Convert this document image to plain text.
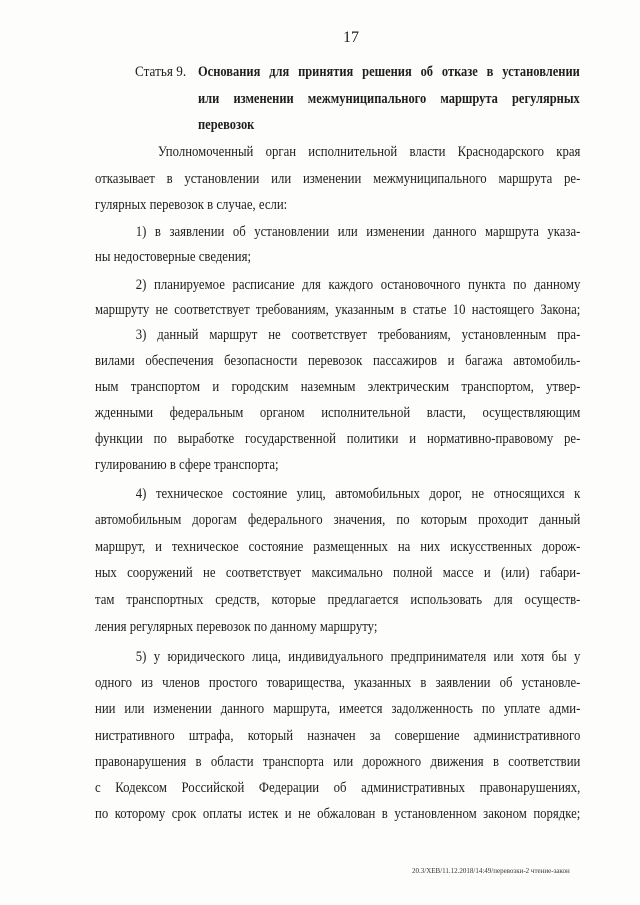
17
Статья 9. Основания для принятия решения об отказе в установлении
или изменении межмуниципального маршрута регулярных
перевозок
Уполномоченный орган исполнительной власти Краснодарского края
отказывает в установлении или изменении межмуниципального маршрута ре-
гулярных перевозок в случае, если:
1) в заявлении об установлении или изменении данного маршрута указа-
ны недостоверные сведения;
2) планируемое расписание для каждого остановочного пункта по данному
маршруту не соответствует требованиям, указанным в статье 10 настоящего Закона;
3) данный маршрут не соответствует требованиям, установленным пра-
вилами обеспечения безопасности перевозок пассажиров и багажа автомобиль-
ным транспортом и городским наземным электрическим транспортом, утвер-
жденными федеральным органом исполнительной власти, осуществляющим
функции по выработке государственной политики и нормативно-правовому ре-
гулированию в сфере транспорта;
4) техническое состояние улиц, автомобильных дорог, не относящихся к
автомобильным дорогам федерального значения, по которым проходит данный
маршрут, и техническое состояние размещенных на них искусственных дорож-
ных сооружений не соответствует максимально полной массе и (или) габари-
там транспортных средств, которые предлагается использовать для осуществ-
ления регулярных перевозок по данному маршруту;
5) у юридического лица, индивидуального предпринимателя или хотя бы у
одного из членов простого товарищества, указанных в заявлении об установле-
нии или изменении данного маршрута, имеется задолженность по уплате адми-
нистративного штрафа, который назначен за совершение административного
правонарушения в области транспорта или дорожного движения в соответствии
с Кодексом Российской Федерации об административных правонарушениях,
по которому срок оплаты истек и не обжалован в установленном законом порядке;
20.3/ХЕВ/11.12.2018/14:49/перевозки-2 чтение-закон
